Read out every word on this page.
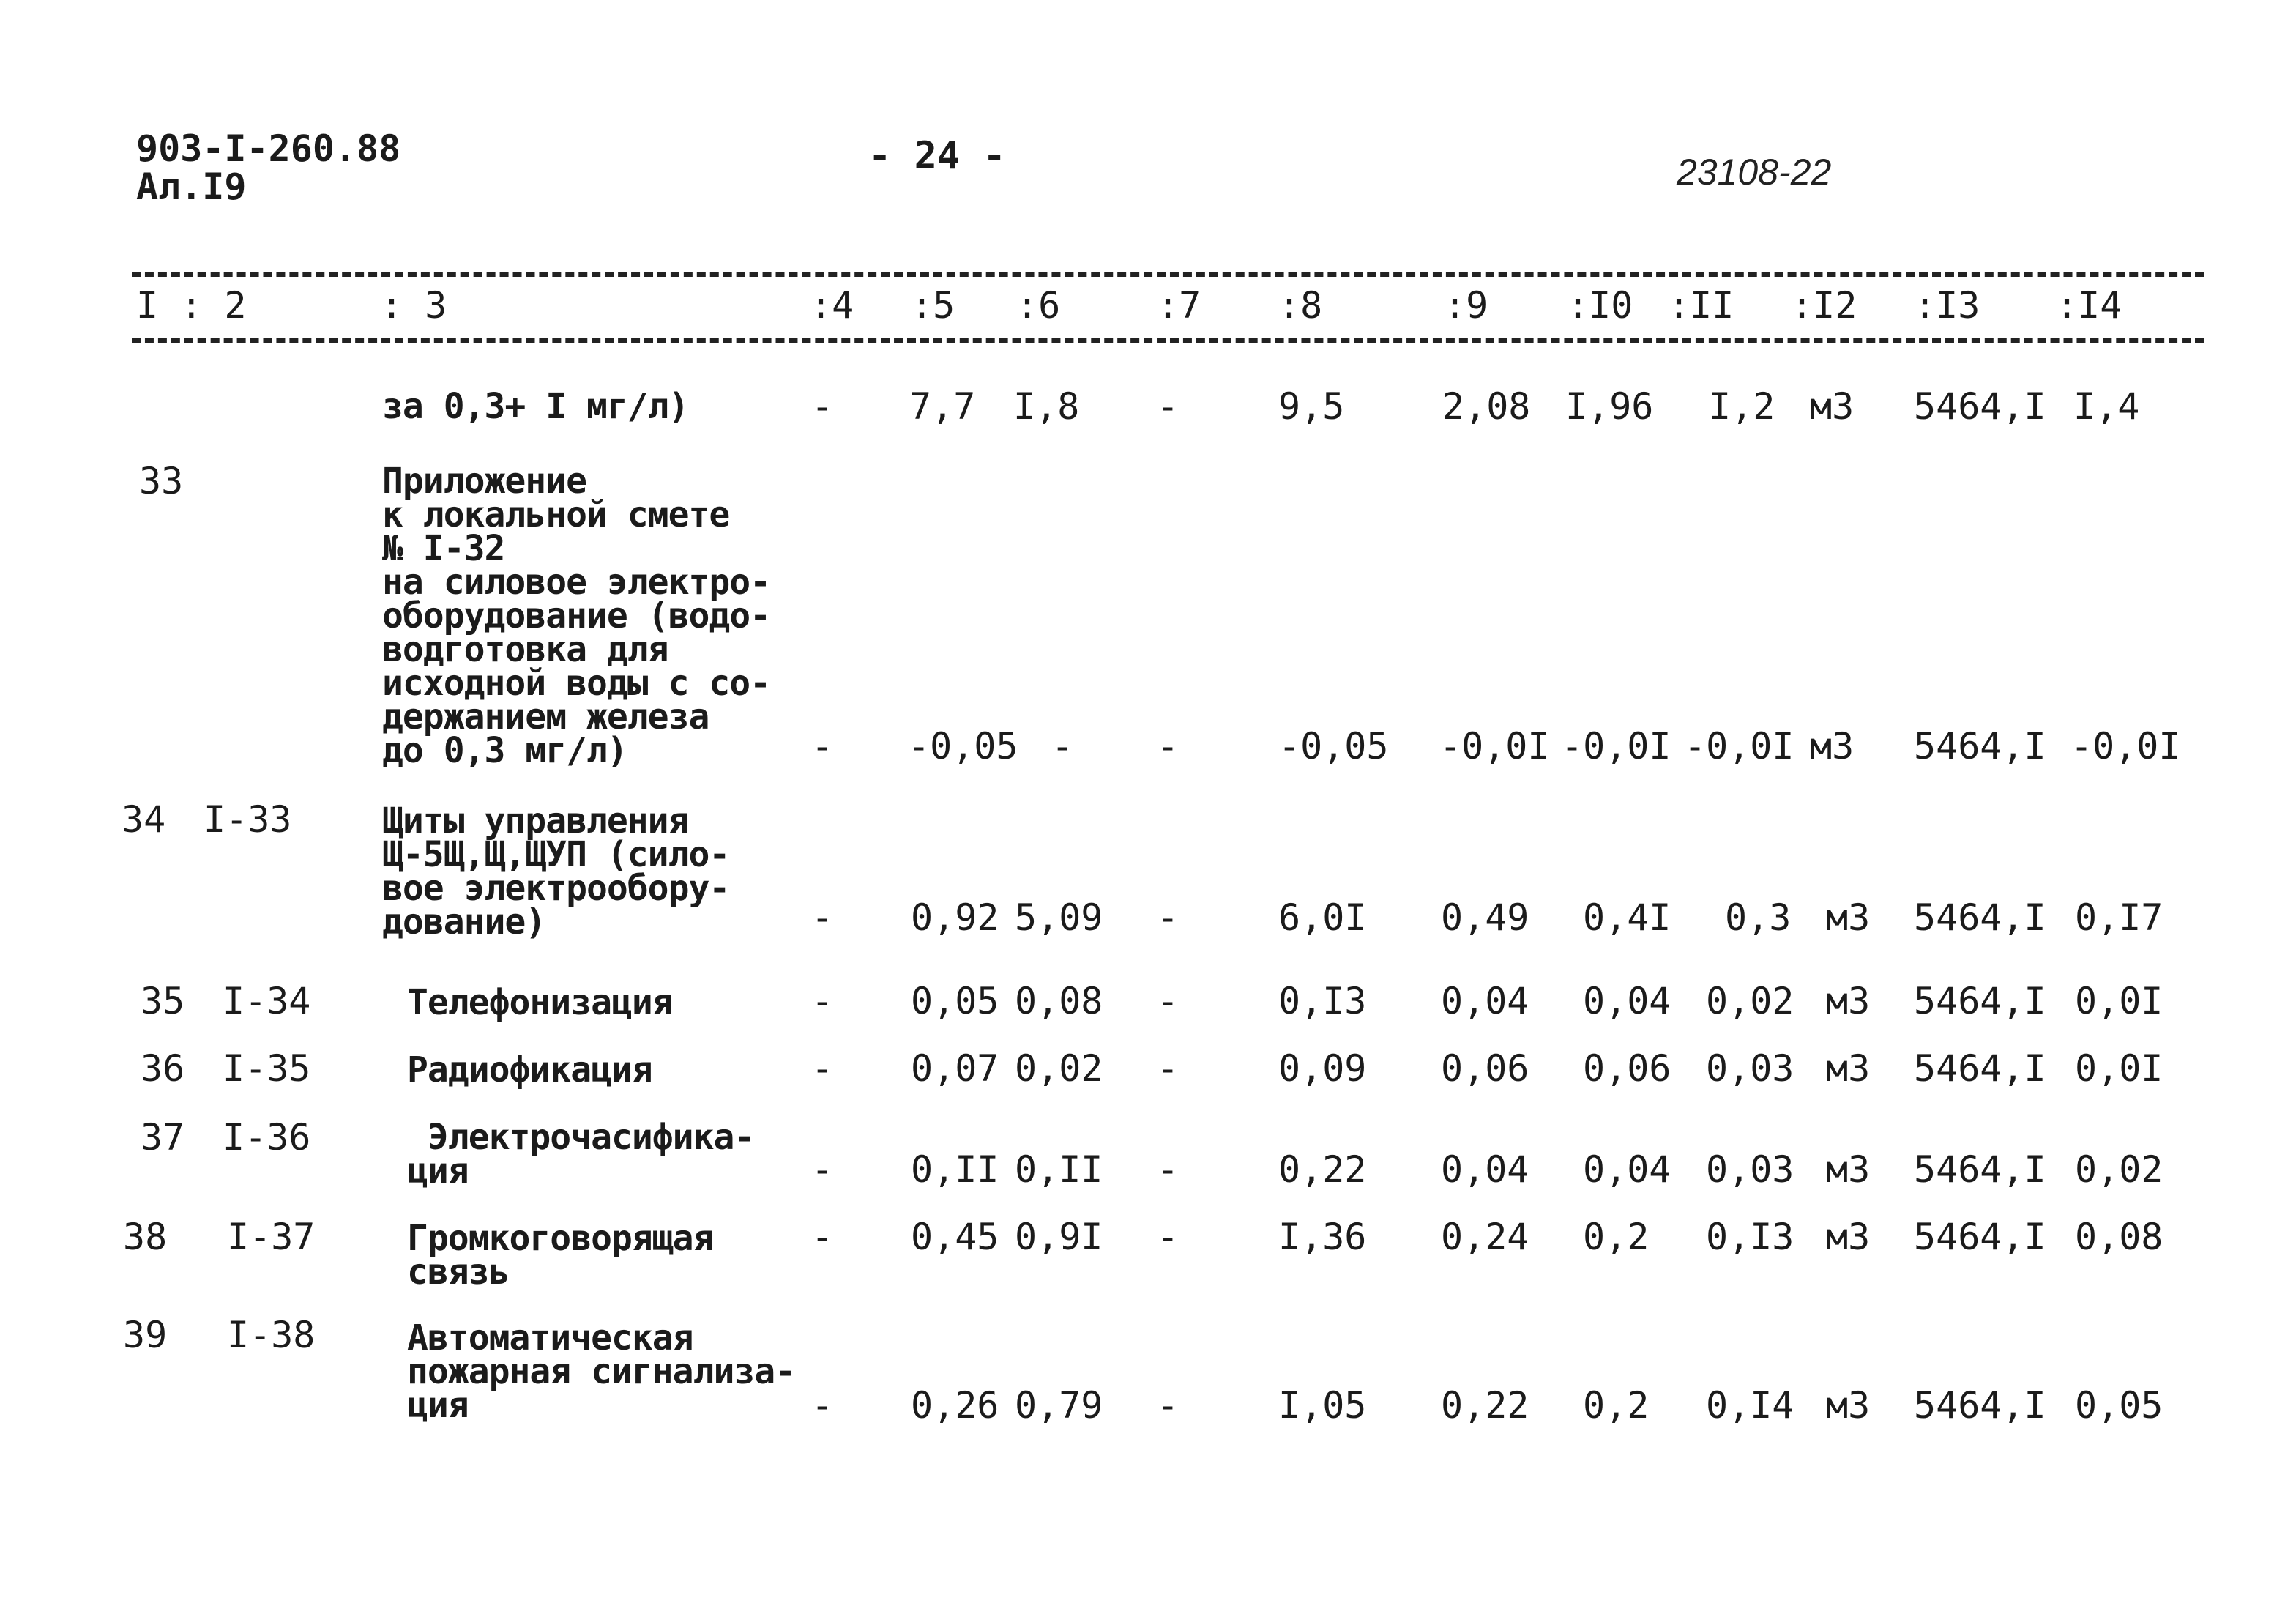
903-I-260.88
Ал.I9
- 24 -	23108-22
I : 2	: 3	:4 :5 :6	:7 :8	:9 :I0 :II :I2 :I3 :I4
за 0,3+ I мг/л)	- 7,7 I,8 -	9,5	2,08 I,96 I,2 м3 5464,I I,4
33	Приложение
к локальной смете
№ I-32
на силовое электро-
оборудование (водо-
водготовка для
исходной воды с со-
держанием железа
до 0,3 мг/л)	- -0,05 - -	-0,05 -0,0I -0,0I -0,0I м3 5464,I -0,0I
34 I-33	Щиты управления
Щ-5Щ,Щ,ЩУП (сило-
вое электрообору-
дование)	- 0,92 5,09 -	6,0I 0,49 0,4I 0,3 м3 5464,I 0,I7
35 I-34	Телефонизация	- 0,05 0,08 -	0,I3 0,04 0,04 0,02 м3 5464,I 0,0I
36 I-35	Радиофикация	- 0,07 0,02 -	0,09 0,06 0,06 0,03 м3 5464,I 0,0I
37 I-36	Электрочасифика-
ция	- 0,II 0,II -	0,22 0,04 0,04 0,03 м3 5464,I 0,02
38 I-37	Громкоговорящая
связь
- 0,45 0,9I -	I,36 0,24 0,2 0,I3 м3 5464,I 0,08
39 I-38	Автоматическая
пожарная сигнализа-
ция	- 0,26 0,79 -	I,05 0,22 0,2 0,I4 м3 5464,I 0,05
